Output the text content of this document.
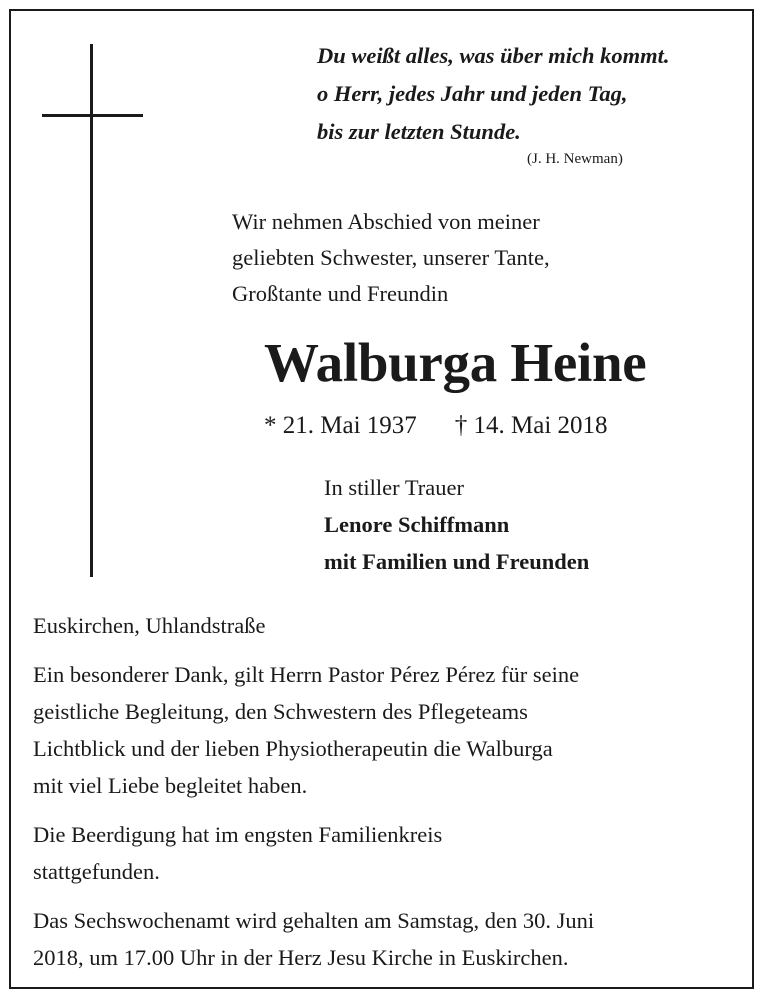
Du weißt alles, was über mich kommt.
o Herr, jedes Jahr und jeden Tag,
bis zur letzten Stunde.
(J. H. Newman)
Wir nehmen Abschied von meiner
geliebten Schwester, unserer Tante,
Großtante und Freundin
Walburga Heine
* 21. Mai 1937 † 14. Mai 2018
In stiller Trauer
Lenore Schiffmann
mit Familien und Freunden
Euskirchen, Uhlandstraße
Ein besonderer Dank, gilt Herrn Pastor Pérez Pérez für seine
geistliche Begleitung, den Schwestern des Pflegeteams
Lichtblick und der lieben Physiotherapeutin die Walburga
mit viel Liebe begleitet haben.
Die Beerdigung hat im engsten Familienkreis
stattgefunden.
Das Sechswochenamt wird gehalten am Samstag, den 30. Juni
2018, um 17.00 Uhr in der Herz Jesu Kirche in Euskirchen.
